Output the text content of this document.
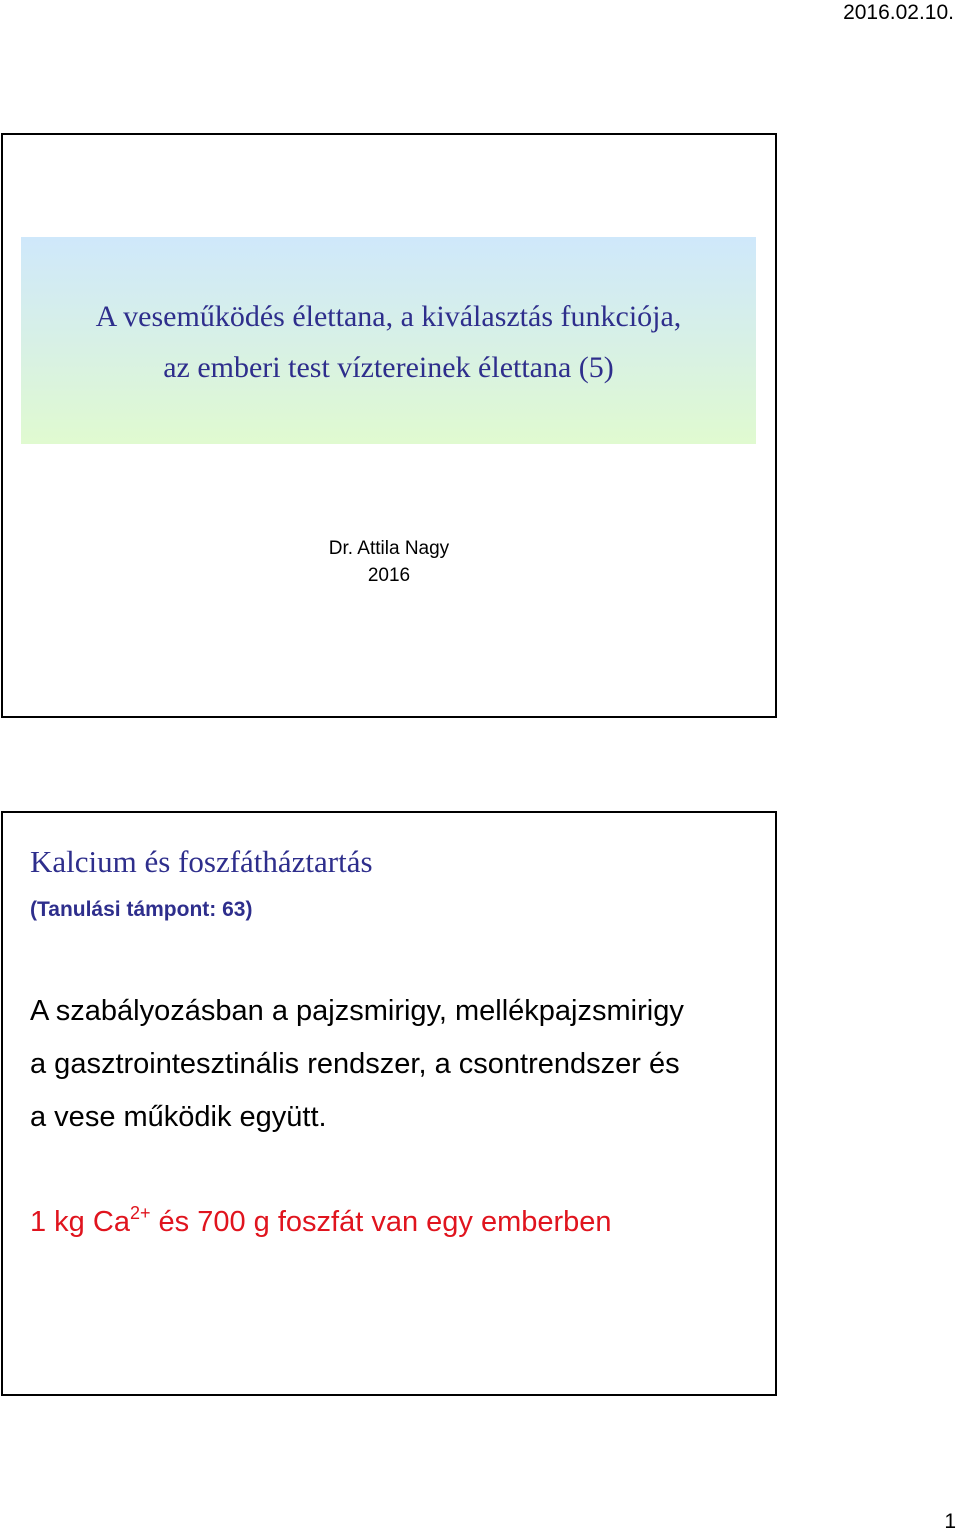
2016.02.10.
A veseműködés élettana, a kiválasztás funkciója,
az emberi test víztereinek élettana (5)
Dr. Attila Nagy
2016
Kalcium és foszfátháztartás
(Tanulási támpont: 63)
A szabályozásban a pajzsmirigy, mellékpajzsmirigy
a gasztrointesztinális rendszer, a csontrendszer és
a vese működik együtt.
1 kg $Ca^{2+}$ és 700 g foszfát van egy emberben
1
